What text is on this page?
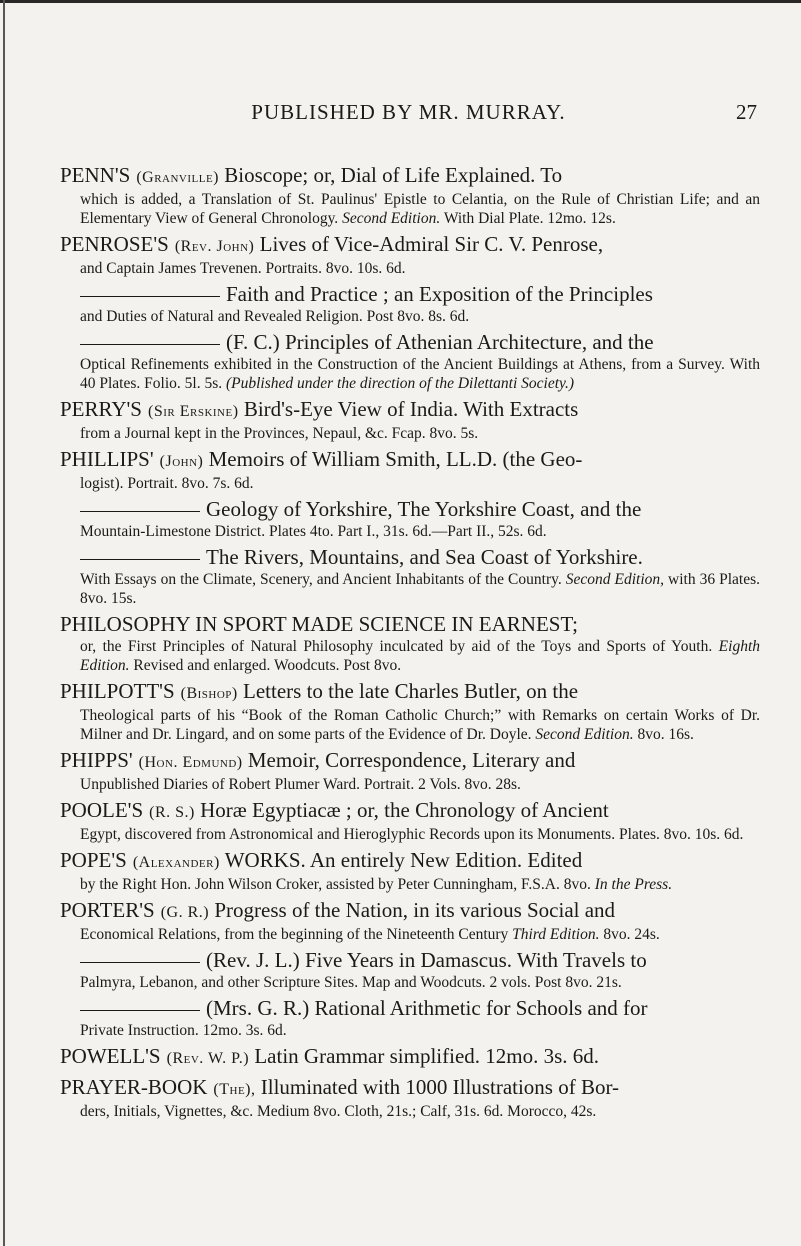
PUBLISHED BY MR. MURRAY.	27
PENN'S (Granville) Bioscope; or, Dial of Life Explained. To
which is added, a Translation of St. Paulinus' Epistle to Celantia, on the Rule of Christian Life; and an Elementary View of General Chronology. Second Edition. With Dial Plate. 12mo. 12s.
PENROSE'S (Rev. John) Lives of Vice-Admiral Sir C. V. Penrose,
and Captain James Trevenen. Portraits. 8vo. 10s. 6d.
Faith and Practice ; an Exposition of the Principles
and Duties of Natural and Revealed Religion. Post 8vo. 8s. 6d.
(F. C.) Principles of Athenian Architecture, and the
Optical Refinements exhibited in the Construction of the Ancient Buildings at Athens, from a Survey. With 40 Plates. Folio. 5l. 5s. (Published under the direction of the Dilettanti Society.)
PERRY'S (Sir Erskine) Bird's-Eye View of India. With Extracts
from a Journal kept in the Provinces, Nepaul, &c. Fcap. 8vo. 5s.
PHILLIPS' (John) Memoirs of William Smith, LL.D. (the Geo-
logist). Portrait. 8vo. 7s. 6d.
Geology of Yorkshire, The Yorkshire Coast, and the
Mountain-Limestone District. Plates 4to. Part I., 31s. 6d.—Part II., 52s. 6d.
The Rivers, Mountains, and Sea Coast of Yorkshire.
With Essays on the Climate, Scenery, and Ancient Inhabitants of the Country. Second Edition, with 36 Plates. 8vo. 15s.
PHILOSOPHY IN SPORT MADE SCIENCE IN EARNEST;
or, the First Principles of Natural Philosophy inculcated by aid of the Toys and Sports of Youth. Eighth Edition. Revised and enlarged. Woodcuts. Post 8vo.
PHILPOTT'S (Bishop) Letters to the late Charles Butler, on the
Theological parts of his “Book of the Roman Catholic Church;” with Remarks on certain Works of Dr. Milner and Dr. Lingard, and on some parts of the Evidence of Dr. Doyle. Second Edition. 8vo. 16s.
PHIPPS' (Hon. Edmund) Memoir, Correspondence, Literary and
Unpublished Diaries of Robert Plumer Ward. Portrait. 2 Vols. 8vo. 28s.
POOLE'S (R. S.) Horæ Egyptiacæ ; or, the Chronology of Ancient
Egypt, discovered from Astronomical and Hieroglyphic Records upon its Monuments. Plates. 8vo. 10s. 6d.
POPE'S (Alexander) WORKS. An entirely New Edition. Edited
by the Right Hon. John Wilson Croker, assisted by Peter Cunningham, F.S.A. 8vo. In the Press.
PORTER'S (G. R.) Progress of the Nation, in its various Social and
Economical Relations, from the beginning of the Nineteenth Century Third Edition. 8vo. 24s.
(Rev. J. L.) Five Years in Damascus. With Travels to
Palmyra, Lebanon, and other Scripture Sites. Map and Woodcuts. 2 vols. Post 8vo. 21s.
(Mrs. G. R.) Rational Arithmetic for Schools and for
Private Instruction. 12mo. 3s. 6d.
POWELL'S (Rev. W. P.) Latin Grammar simplified. 12mo. 3s. 6d.
PRAYER-BOOK (The), Illuminated with 1000 Illustrations of Bor-
ders, Initials, Vignettes, &c. Medium 8vo. Cloth, 21s.; Calf, 31s. 6d. Morocco, 42s.
